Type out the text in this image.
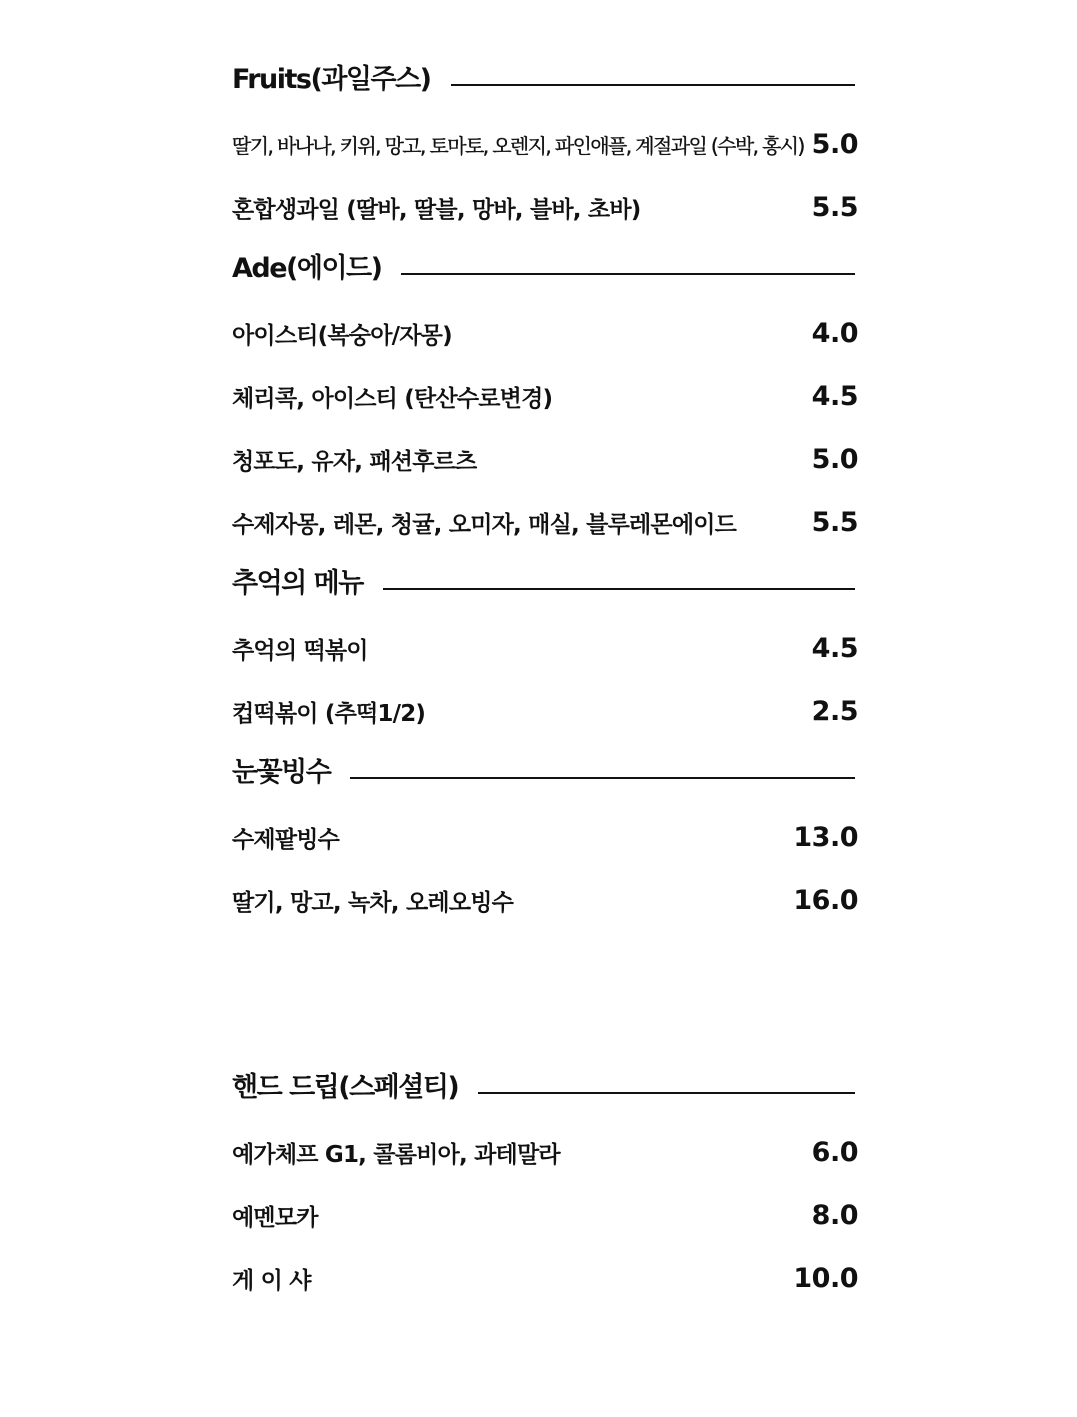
Fruits(과일주스)
딸기, 바나나, 키위, 망고, 토마토, 오렌지, 파인애플, 계절과일 (수박, 홍시) 5.0
혼합생과일 (딸바, 딸블, 망바, 블바, 초바)	5.5
Ade(에이드)
아이스티(복숭아/자몽)	4.0
체리콕, 아이스티 (탄산수로변경)	4.5
청포도, 유자, 패션후르츠	5.0
수제자몽, 레몬, 청귤, 오미자, 매실, 블루레몬에이드	5.5
추억의 메뉴
추억의 떡볶이	4.5
컵떡볶이 (추떡1/2)	2.5
눈꽃빙수
수제팥빙수	13.0
딸기, 망고, 녹차, 오레오빙수	16.0
핸드 드립(스페셜티)
예가체프 G1, 콜롬비아, 과테말라	6.0
예멘모카	8.0
게 이 샤	10.0
